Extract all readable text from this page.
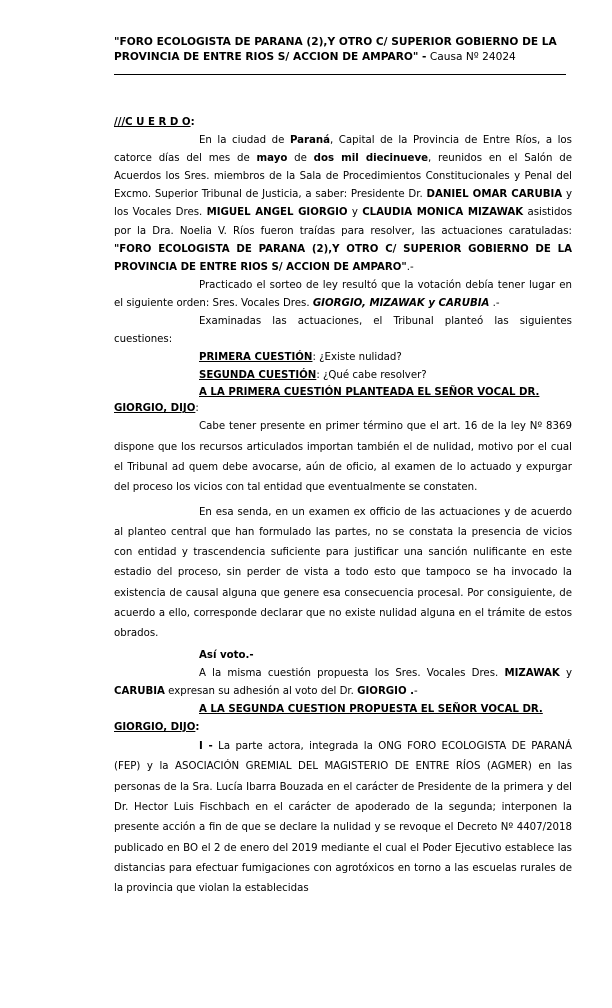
"FORO ECOLOGISTA DE PARANA (2),Y OTRO C/ SUPERIOR GOBIERNO DE LA PROVINCIA DE ENTRE RIOS S/ ACCION DE AMPARO" - Causa Nº 24024

///C U E R D O:

En la ciudad de Paraná, Capital de la Provincia de Entre Ríos, a los catorce días del mes de mayo de dos mil diecinueve, reunidos en el Salón de Acuerdos los Sres. miembros de la Sala de Procedimientos Constitucionales y Penal del Excmo. Superior Tribunal de Justicia, a saber: Presidente Dr. DANIEL OMAR CARUBIA y los Vocales Dres. MIGUEL ANGEL GIORGIO y CLAUDIA MONICA MIZAWAK asistidos por la Dra. Noelia V. Ríos fueron traídas para resolver, las actuaciones caratuladas: "FORO ECOLOGISTA DE PARANA (2),Y OTRO C/ SUPERIOR GOBIERNO DE LA PROVINCIA DE ENTRE RIOS S/ ACCION DE AMPARO".-

Practicado el sorteo de ley resultó que la votación debía tener lugar en el siguiente orden: Sres. Vocales Dres. GIORGIO, MIZAWAK y CARUBIA .-

Examinadas las actuaciones, el Tribunal planteó las siguientes cuestiones:

PRIMERA CUESTIÓN: ¿Existe nulidad?

SEGUNDA CUESTIÓN: ¿Qué cabe resolver?

A LA PRIMERA CUESTIÓN PLANTEADA EL SEÑOR VOCAL DR.

GIORGIO, DIJO:

Cabe tener presente en primer término que el art. 16 de la ley Nº 8369 dispone que los recursos articulados importan también el de nulidad, motivo por el cual el Tribunal ad quem debe avocarse, aún de oficio, al examen de lo actuado y expurgar del proceso los vicios con tal entidad que eventualmente se constaten.

En esa senda, en un examen ex officio de las actuaciones y de acuerdo al planteo central que han formulado las partes, no se constata la presencia de vicios con entidad y trascendencia suficiente para justificar una sanción nulificante en este estadio del proceso, sin perder de vista a todo esto que tampoco se ha invocado la existencia de causal alguna que genere esa consecuencia procesal. Por consiguiente, de acuerdo a ello, corresponde declarar que no existe nulidad alguna en el trámite de estos obrados.

Así voto.-

A la misma cuestión propuesta los Sres. Vocales Dres. MIZAWAK y CARUBIA expresan su adhesión al voto del Dr. GIORGIO .-

A LA SEGUNDA CUESTION PROPUESTA EL SEÑOR VOCAL DR.

GIORGIO, DIJO:

I - La parte actora, integrada la ONG FORO ECOLOGISTA DE PARANÁ (FEP) y la ASOCIACIÓN GREMIAL DEL MAGISTERIO DE ENTRE RÍOS (AGMER) en las personas de la Sra. Lucía Ibarra Bouzada en el carácter de Presidente de la primera y del Dr. Hector Luis Fischbach en el carácter de apoderado de la segunda; interponen la presente acción a fin de que se declare la nulidad y se revoque el Decreto Nº 4407/2018 publicado en BO el 2 de enero del 2019 mediante el cual el Poder Ejecutivo establece las distancias para efectuar fumigaciones con agrotóxicos en torno a las escuelas rurales de la provincia que violan la establecidas
